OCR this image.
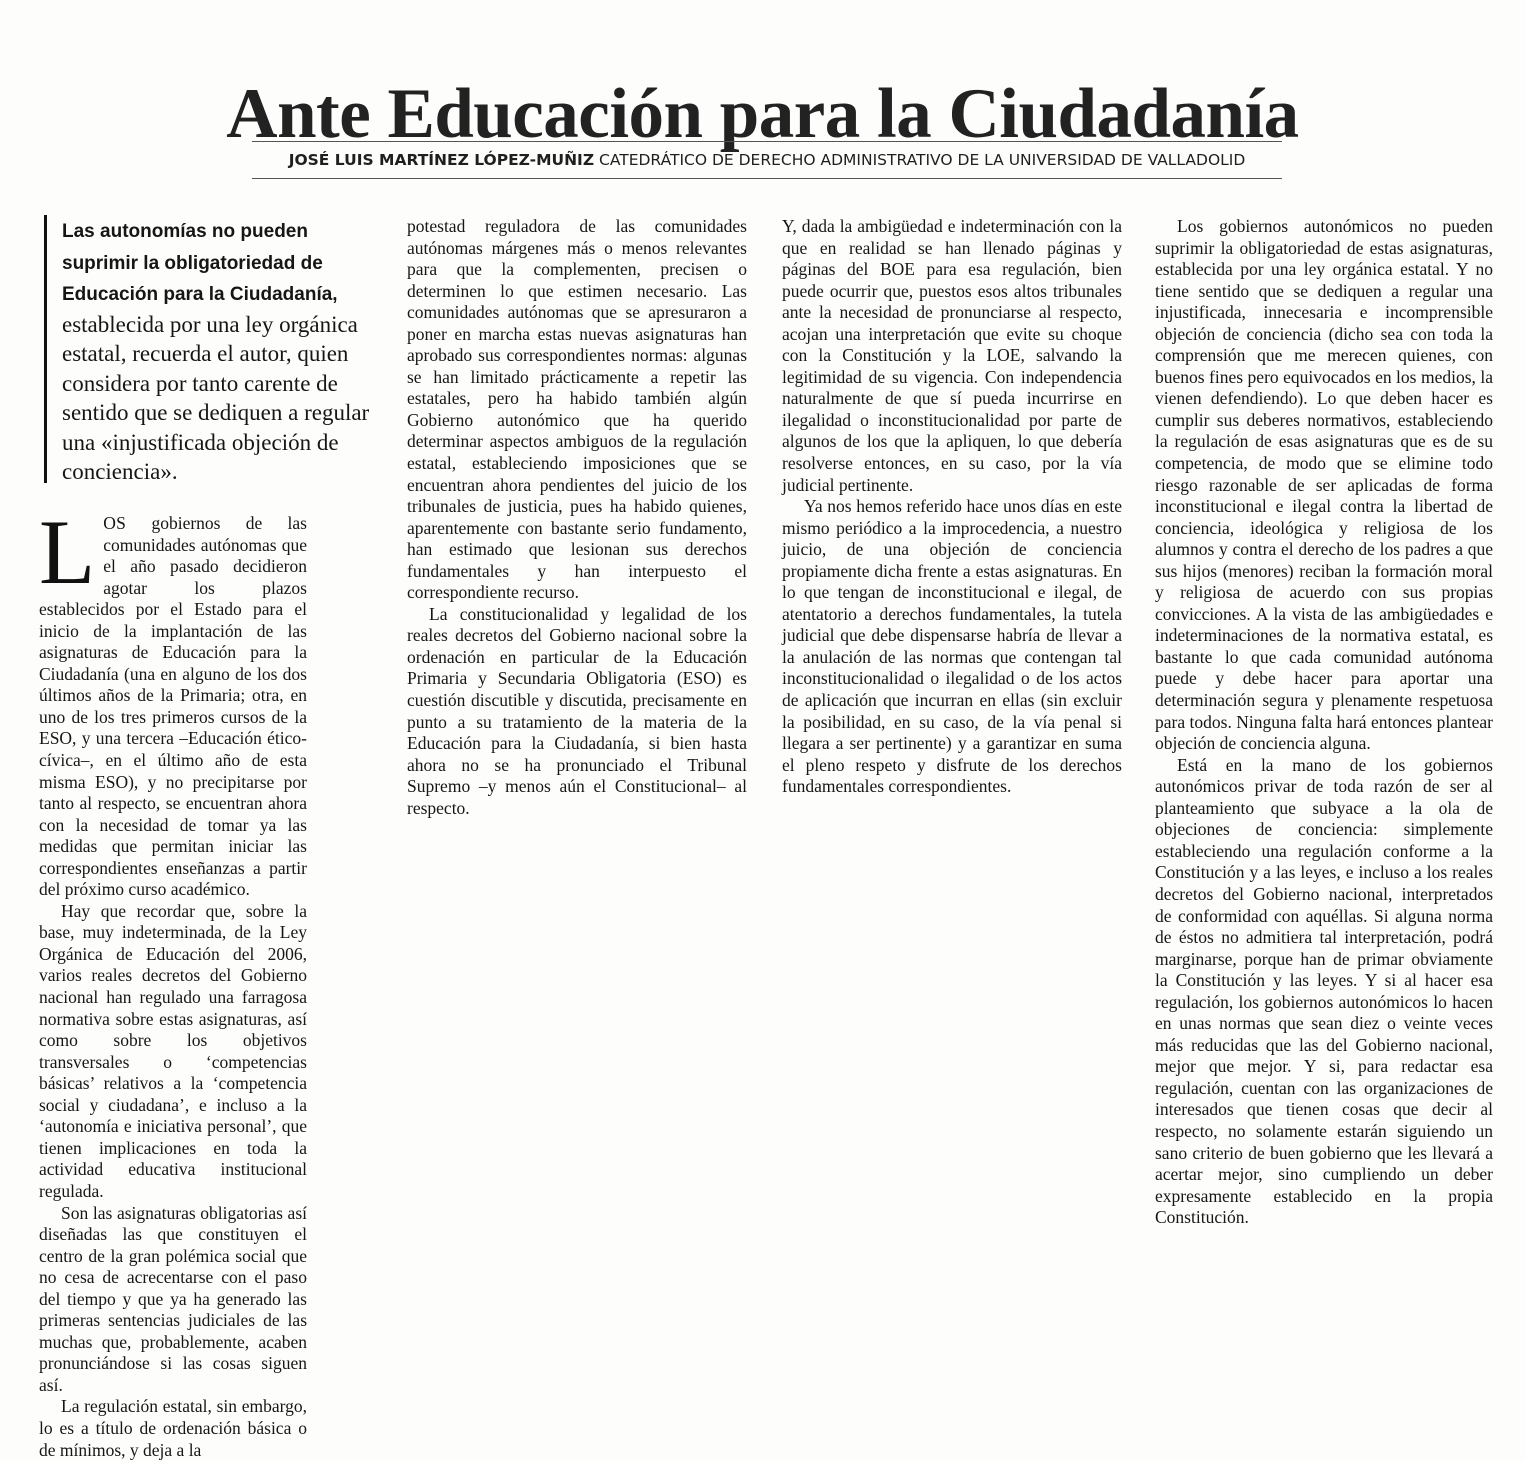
Ante Educación para la Ciudadanía
JOSÉ LUIS MARTÍNEZ LÓPEZ-MUÑIZ CATEDRÁTICO DE DERECHO ADMINISTRATIVO DE LA UNIVERSIDAD DE VALLADOLID

Las autonomías no pueden suprimir la obligatoriedad de Educación para la Ciudadanía, establecida por una ley orgánica estatal, recuerda el autor, quien considera por tanto carente de sentido que se dediquen a regular una «injustificada objeción de conciencia».

LOS gobiernos de las comunidades autónomas que el año pasado decidieron agotar los plazos establecidos por el Estado para el inicio de la implantación de las asignaturas de Educación para la Ciudadanía (una en alguno de los dos últimos años de la Primaria; otra, en uno de los tres primeros cursos de la ESO, y una tercera –Educación ético-cívica–, en el último año de esta misma ESO), y no precipitarse por tanto al respecto, se encuentran ahora con la necesidad de tomar ya las medidas que permitan iniciar las correspondientes enseñanzas a partir del próximo curso académico.

Hay que recordar que, sobre la base, muy indeterminada, de la Ley Orgánica de Educación del 2006, varios reales decretos del Gobierno nacional han regulado una farragosa normativa sobre estas asignaturas, así como sobre los objetivos transversales o ‘competencias básicas’ relativos a la ‘competencia social y ciudadana’, e incluso a la ‘autonomía e iniciativa personal’, que tienen implicaciones en toda la actividad educativa institucional regulada.

Son las asignaturas obligatorias así diseñadas las que constituyen el centro de la gran polémica social que no cesa de acrecentarse con el paso del tiempo y que ya ha generado las primeras sentencias judiciales de las muchas que, probablemente, acaben pronunciándose si las cosas siguen así.

La regulación estatal, sin embargo, lo es a título de ordenación básica o de mínimos, y deja a la

potestad reguladora de las comunidades autónomas márgenes más o menos relevantes para que la complementen, precisen o determinen lo que estimen necesario. Las comunidades autónomas que se apresuraron a poner en marcha estas nuevas asignaturas han aprobado sus correspondientes normas: algunas se han limitado prácticamente a repetir las estatales, pero ha habido también algún Gobierno autonómico que ha querido determinar aspectos ambiguos de la regulación estatal, estableciendo imposiciones que se encuentran ahora pendientes del juicio de los tribunales de justicia, pues ha habido quienes, aparentemente con bastante serio fundamento, han estimado que lesionan sus derechos fundamentales y han interpuesto el correspondiente recurso.

La constitucionalidad y legalidad de los reales decretos del Gobierno nacional sobre la ordenación en particular de la Educación Primaria y Secundaria Obligatoria (ESO) es cuestión discutible y discutida, precisamente en punto a su tratamiento de la materia de la Educación para la Ciudadanía, si bien hasta ahora no se ha pronunciado el Tribunal Supremo –y menos aún el Constitucional– al respecto.

Y, dada la ambigüedad e indeterminación con la que en realidad se han llenado páginas y páginas del BOE para esa regulación, bien puede ocurrir que, puestos esos altos tribunales ante la necesidad de pronunciarse al respecto, acojan una interpretación que evite su choque con la Constitución y la LOE, salvando la legitimidad de su vigencia. Con independencia naturalmente de que sí pueda incurrirse en ilegalidad o inconstitucionalidad por parte de algunos de los que la apliquen, lo que debería resolverse entonces, en su caso, por la vía judicial pertinente.

Ya nos hemos referido hace unos días en este mismo periódico a la improcedencia, a nuestro juicio, de una objeción de conciencia propiamente dicha frente a estas asignaturas. En lo que tengan de inconstitucional e ilegal, de atentatorio a derechos fundamentales, la tutela judicial que debe dispensarse habría de llevar a la anulación de las normas que contengan tal inconstitucionalidad o ilegalidad o de los actos de aplicación que incurran en ellas (sin excluir la posibilidad, en su caso, de la vía penal si llegara a ser pertinente) y a garantizar en suma el pleno respeto y disfrute de los derechos fundamentales correspondientes.

Los gobiernos autonómicos no pueden suprimir la obligatoriedad de estas asignaturas, establecida por una ley orgánica estatal. Y no tiene sentido que se dediquen a regular una injustificada, innecesaria e incomprensible objeción de conciencia (dicho sea con toda la comprensión que me merecen quienes, con buenos fines pero equivocados en los medios, la vienen defendiendo). Lo que deben hacer es cumplir sus deberes normativos, estableciendo la regulación de esas asignaturas que es de su competencia, de modo que se elimine todo riesgo razonable de ser aplicadas de forma inconstitucional e ilegal contra la libertad de conciencia, ideológica y religiosa de los alumnos y contra el derecho de los padres a que sus hijos (menores) reciban la formación moral y religiosa de acuerdo con sus propias convicciones. A la vista de las ambigüedades e indeterminaciones de la normativa estatal, es bastante lo que cada comunidad autónoma puede y debe hacer para aportar una determinación segura y plenamente respetuosa para todos. Ninguna falta hará entonces plantear objeción de conciencia alguna.

Está en la mano de los gobiernos autonómicos privar de toda razón de ser al planteamiento que subyace a la ola de objeciones de conciencia: simplemente estableciendo una regulación conforme a la Constitución y a las leyes, e incluso a los reales decretos del Gobierno nacional, interpretados de conformidad con aquéllas. Si alguna norma de éstos no admitiera tal interpretación, podrá marginarse, porque han de primar obviamente la Constitución y las leyes. Y si al hacer esa regulación, los gobiernos autonómicos lo hacen en unas normas que sean diez o veinte veces más reducidas que las del Gobierno nacional, mejor que mejor. Y si, para redactar esa regulación, cuentan con las organizaciones de interesados que tienen cosas que decir al respecto, no solamente estarán siguiendo un sano criterio de buen gobierno que les llevará a acertar mejor, sino cumpliendo un deber expresamente establecido en la propia Constitución.
